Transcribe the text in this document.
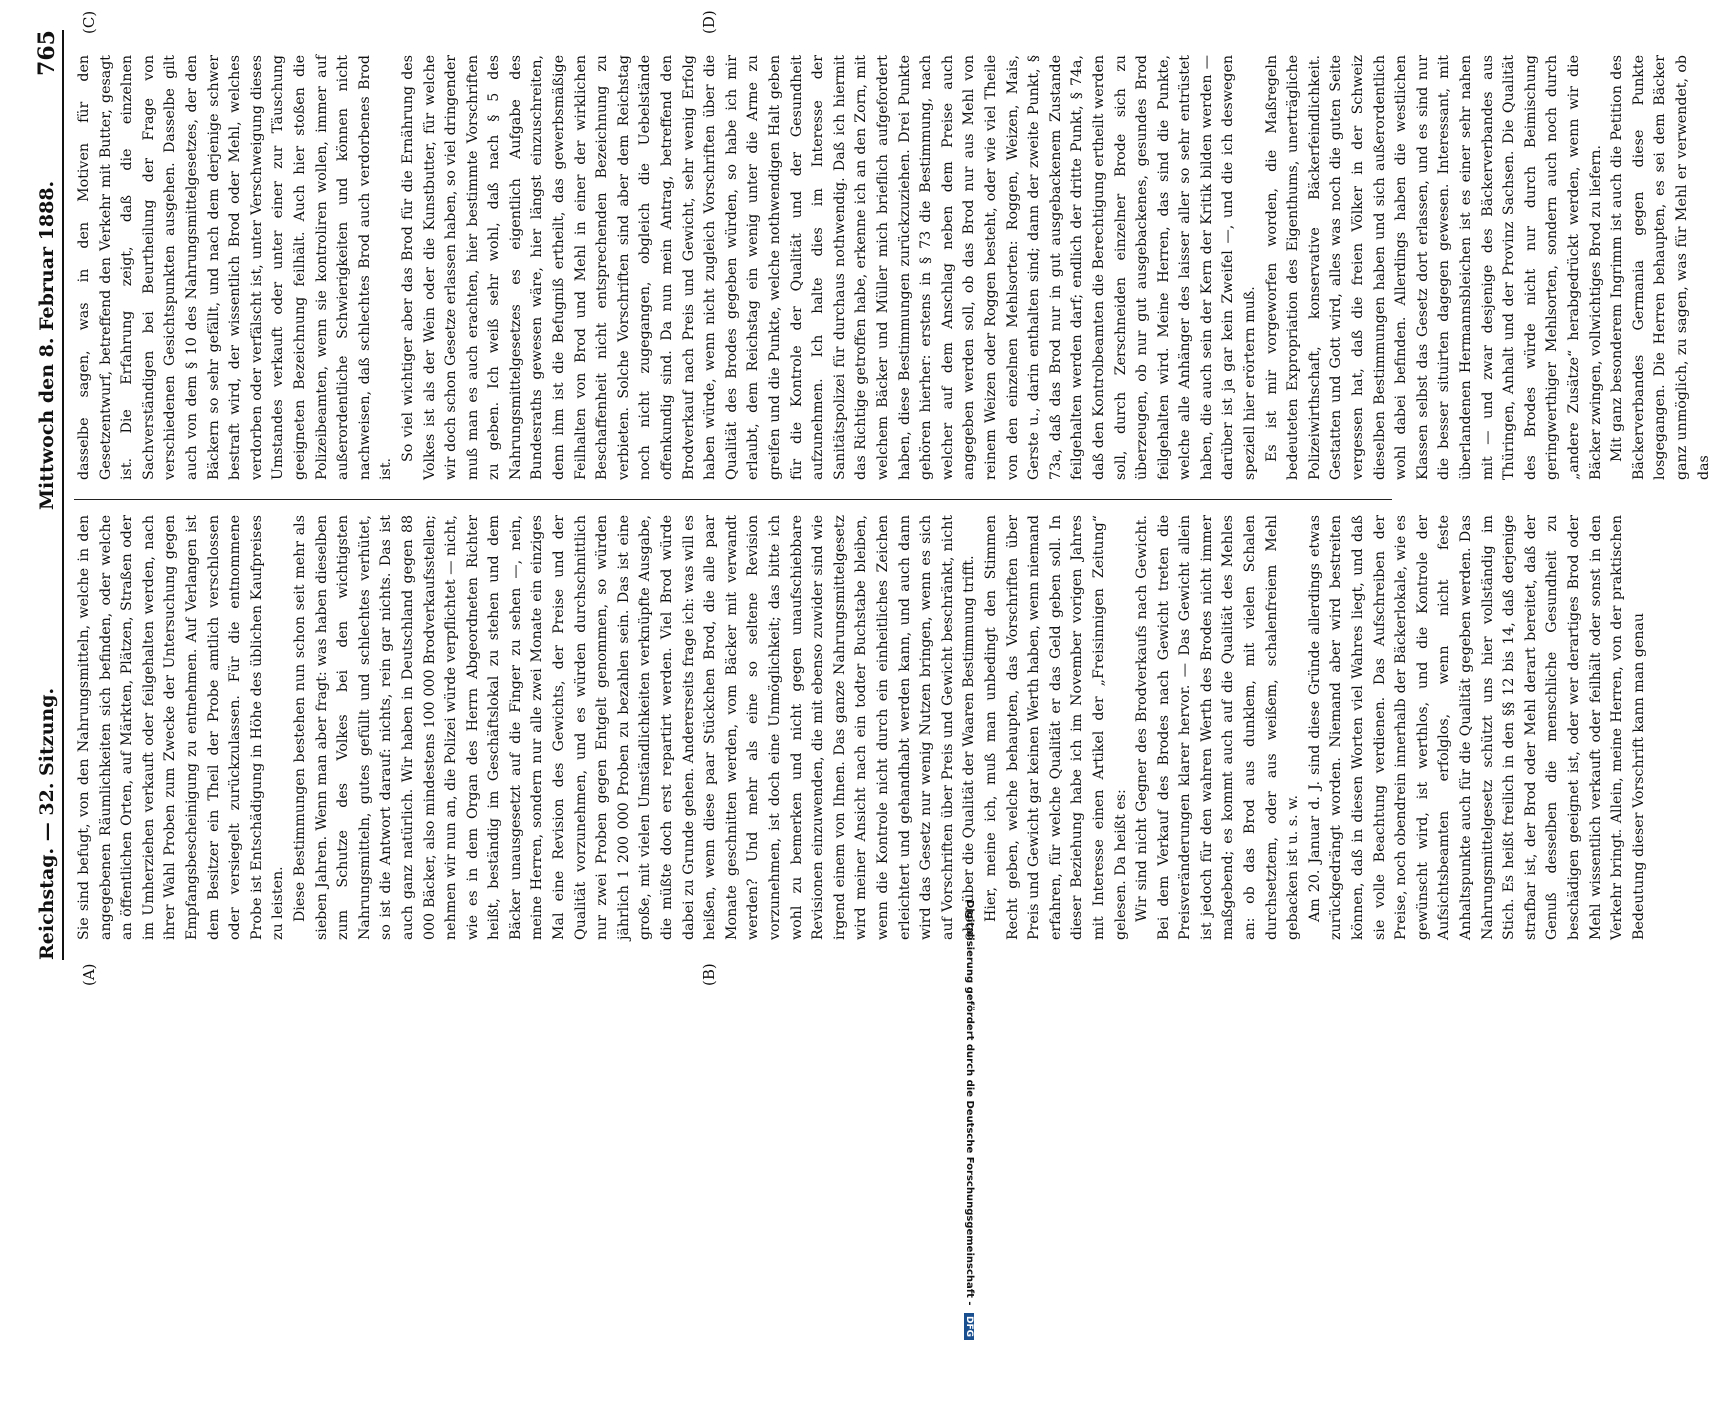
Reichstag. — 32. Sitzung.
Mittwoch den 8. Februar 1888.
765
(A)	(B)
(C)	(D)

Sie sind befugt, von den Nahrungsmitteln, welche in den angegebenen Räumlichkeiten sich befinden, oder welche an öffentlichen Orten, auf Märkten, Plätzen, Straßen oder im Umherziehen verkauft oder feilgehalten werden, nach ihrer Wahl Proben zum Zwecke der Untersuchung gegen Empfangsbescheinigung zu entnehmen. Auf Verlangen ist dem Besitzer ein Theil der Probe amtlich verschlossen oder versiegelt zurückzulassen. Für die entnommene Probe ist Entschädigung in Höhe des üblichen Kaufpreises zu leisten. Diese Bestimmungen bestehen nun schon seit mehr als sieben Jahren. Wenn man aber fragt: was haben dieselben zum Schutze des Volkes bei den wichtigsten Nahrungsmitteln, gutes gefüllt und schlechtes verhütet, so ist die Antwort darauf: nichts, rein gar nichts. Das ist auch ganz natürlich. Wir haben in Deutschland gegen 88 000 Bäcker, also mindestens 100 000 Brodverkaufsstellen; nehmen wir nun an, die Polizei würde verpflichtet — nicht, wie es in dem Organ des Herrn Abgeordneten Richter heißt, beständig im Geschäftslokal zu stehen und dem Bäcker unausgesetzt auf die Finger zu sehen —, nein, meine Herren, sondern nur alle zwei Monate ein einziges Mal eine Revision des Gewichts, der Preise und der Qualität vorzunehmen, und es würden durchschnittlich nur zwei Proben gegen Entgelt genommen, so würden jährlich 1 200 000 Proben zu bezahlen sein. Das ist eine große, mit vielen Umständlichkeiten verknüpfte Ausgabe, die müßte doch erst repartirt werden. Viel Brod würde dabei zu Grunde gehen. Andererseits frage ich: was will es heißen, wenn diese paar Stückchen Brod, die alle paar Monate geschnitten werden, vom Bäcker mit verwandt werden? Und mehr als eine so seltene Revision vorzunehmen, ist doch eine Unmöglichkeit; das bitte ich wohl zu bemerken und nicht gegen unaufschiebbare Revisionen einzuwenden, die mit ebenso zuwider sind wie irgend einem von Ihnen. Das ganze Nahrungsmittelgesetz wird meiner Ansicht nach ein todter Buchstabe bleiben, wenn die Kontrole nicht durch ein einheitliches Zeichen erleichtert und gehandhabt werden kann, und auch dann wird das Gesetz nur wenig Nutzen bringen, wenn es sich auf Vorschriften über Preis und Gewicht beschränkt, nicht aber über die Qualität der Waaren Bestimmung trifft. Hier, meine ich, muß man unbedingt den Stimmen Recht geben, welche behaupten, das Vorschriften über Preis und Gewicht gar keinen Werth haben, wenn niemand erfahren, für welche Qualität er das Geld geben soll. In dieser Beziehung habe ich im November vorigen Jahres mit Interesse einen Artikel der „Freisinnigen Zeitung“ gelesen. Da heißt es: Wir sind nicht Gegner des Brodverkaufs nach Gewicht. Bei dem Verkauf des Brodes nach Gewicht treten die Preisveränderungen klarer hervor. — Das Gewicht allein ist jedoch für den wahren Werth des Brodes nicht immer maßgebend; es kommt auch auf die Qualität des Mehles an: ob das Brod aus dunklem, mit vielen Schalen durchsetztem, oder aus weißem, schalenfreiem Mehl gebacken ist u. s. w. Am 20. Januar d. J. sind diese Gründe allerdings etwas zurückgedrängt worden. Niemand aber wird bestreiten können, daß in diesen Worten viel Wahres liegt, und daß sie volle Beachtung verdienen. Das Aufschreiben der Preise, noch obendrein innerhalb der Bäckerlokale, wie es gewünscht wird, ist werthlos, und die Kontrole der Aufsichtsbeamten erfolglos, wenn nicht feste Anhaltspunkte auch für die Qualität gegeben werden. Das Nahrungsmittelgesetz schützt uns hier vollständig im Stich. Es heißt freilich in den §§ 12 bis 14, daß derjenige strafbar ist, der Brod oder Mehl derart bereitet, daß der Genuß desselben die menschliche Gesundheit zu beschädigen geeignet ist, oder wer derartiges Brod oder Mehl wissentlich verkauft oder feilhält oder sonst in den Verkehr bringt. Allein, meine Herren, von der praktischen Bedeutung dieser Vorschrift kann man genau

dasselbe sagen, was in den Motiven für den Gesetzentwurf, betreffend den Verkehr mit Butter, gesagt ist. Die Erfahrung zeigt, daß die einzelnen Sachverständigen bei Beurtheilung der Frage von verschiedenen Gesichtspunkten ausgehen. Dasselbe gilt auch von dem § 10 des Nahrungsmittelgesetzes, der den Bäckern so sehr gefällt, und nach dem derjenige schwer bestraft wird, der wissentlich Brod oder Mehl, welches verdorben oder verfälscht ist, unter Verschweigung dieses Umstandes verkauft oder unter einer zur Täuschung geeigneten Bezeichnung feilhält. Auch hier stoßen die Polizeibeamten, wenn sie kontroliren wollen, immer auf außerordentliche Schwierigkeiten und können nicht nachweisen, daß schlechtes Brod auch verdorbenes Brod ist.

So viel wichtiger aber das Brod für die Ernährung des Volkes ist als der Wein oder die Kunstbutter, für welche wir doch schon Gesetze erlassen haben, so viel dringender muß man es auch erachten, hier bestimmte Vorschriften zu geben. Ich weiß sehr wohl, daß nach § 5 des Nahrungsmittelgesetzes es eigentlich Aufgabe des Bundesraths gewesen wäre, hier längst einzuschreiten, denn ihm ist die Befugniß ertheilt, das gewerbsmäßige Feilhalten von Brod und Mehl in einer der wirklichen Beschaffenheit nicht entsprechenden Bezeichnung zu verbieten. Solche Vorschriften sind aber dem Reichstag noch nicht zugegangen, obgleich die Uebelstände offenkundig sind. Da nun mein Antrag, betreffend den Brodverkauf nach Preis und Gewicht, sehr wenig Erfolg haben würde, wenn nicht zugleich Vorschriften über die Qualität des Brodes gegeben würden, so habe ich mir erlaubt, dem Reichstag ein wenig unter die Arme zu greifen und die Punkte, welche nothwendigen Halt geben für die Kontrole der Qualität und der Gesundheit aufzunehmen. Ich halte dies im Interesse der Sanitätspolizei für durchaus nothwendig. Daß ich hiermit das Richtige getroffen habe, erkenne ich an den Zorn, mit welchem Bäcker und Müller mich brieflich aufgefordert haben, diese Bestimmungen zurückzuziehen. Drei Punkte gehören hierher: erstens in § 73 die Bestimmung, nach welcher auf dem Anschlag neben dem Preise auch angegeben werden soll, ob das Brod nur aus Mehl von reinem Weizen oder Roggen besteht, oder wie viel Theile von den einzelnen Mehlsorten: Roggen, Weizen, Mais, Gerste u., darin enthalten sind; dann der zweite Punkt, § 73a, daß das Brod nur in gut ausgebackenem Zustande feilgehalten werden darf; endlich der dritte Punkt, § 74a, daß den Kontrolbeamten die Berechtigung ertheilt werden soll, durch Zerschneiden einzelner Brode sich zu überzeugen, ob nur gut ausgebackenes, gesundes Brod feilgehalten wird. Meine Herren, das sind die Punkte, welche alle Anhänger des laisser aller so sehr entrüstet haben, die auch sein der Kern der Kritik bilden werden — darüber ist ja gar kein Zweifel —, und die ich deswegen speziell hier erörtern muß. Es ist mir vorgeworfen worden, die Maßregeln bedeuteten Expropriation des Eigenthums, unerträgliche Polizeiwirthschaft, konservative Bäckerfeindlichkeit. Gestatten und Gott wird, alles was noch die guten Seite vergessen hat, daß die freien Völker in der Schweiz dieselben Bestimmungen haben und sich außerordentlich wohl dabei befinden. Allerdings haben die westlichen Klassen selbst das Gesetz dort erlassen, und es sind nur die besser situirten dagegen gewesen. Interessant, mit überlandenen Hermannsbleichen ist es einer sehr nahen mit — und zwar desjenige des Bäckerverbandes aus Thüringen, Anhalt und der Provinz Sachsen. Die Qualität des Brodes würde nicht nur durch Beimischung geringwerthiger Mehlsorten, sondern auch noch durch „andere Zusätze“ herabgedrückt werden, wenn wir die Bäcker zwingen, vollwichtiges Brod zu liefern. Mit ganz besonderem Ingrimm ist auch die Petition des Bäckerverbandes Germania gegen diese Punkte losgegangen. Die Herren behaupten, es sei dem Bäcker ganz unmöglich, zu sagen, was für Mehl er verwendet, ob das

Digitalisierung gefördert durch die Deutsche Forschungsgemeinschaft - DFG
